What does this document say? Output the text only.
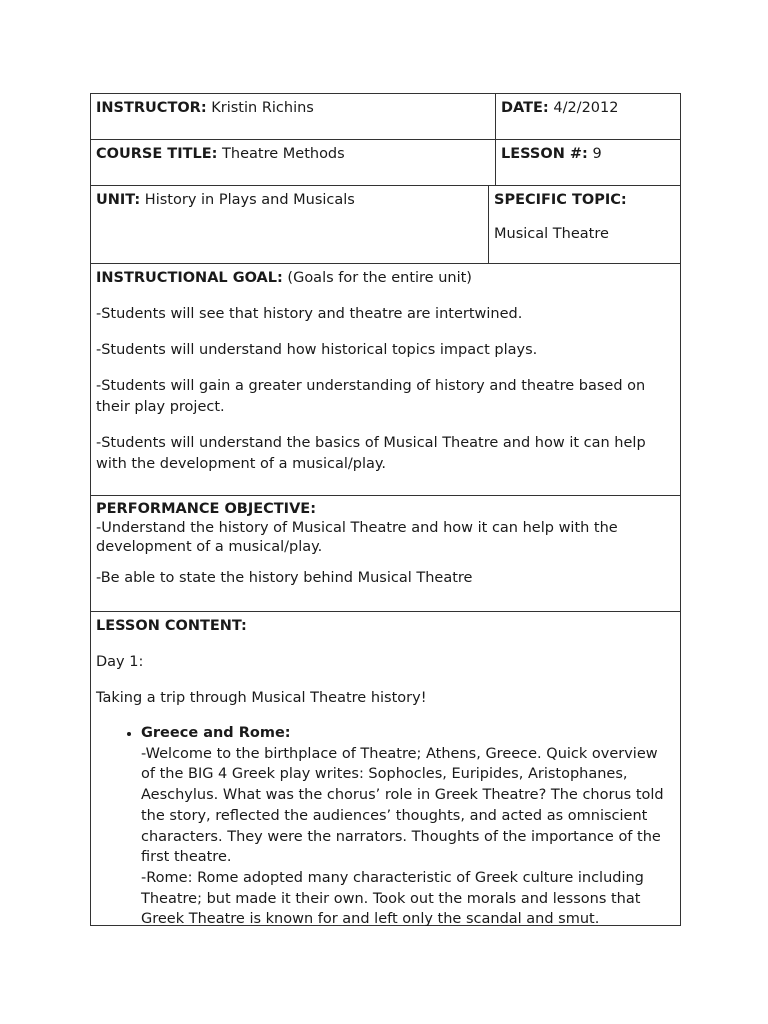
INSTRUCTOR: Kristin Richins	DATE: 4/2/2012

COURSE TITLE: Theatre Methods	LESSON #: 9

UNIT: History in Plays and Musicals	SPECIFIC TOPIC:

Musical Theatre

INSTRUCTIONAL GOAL: (Goals for the entire unit)

-Students will see that history and theatre are intertwined.

-Students will understand how historical topics impact plays.

-Students will gain a greater understanding of history and theatre based on their play project.

-Students will understand the basics of Musical Theatre and how it can help with the development of a musical/play.

PERFORMANCE OBJECTIVE:

-Understand the history of Musical Theatre and how it can help with the development of a musical/play.

-Be able to state the history behind Musical Theatre

LESSON CONTENT:

Day 1:

Taking a trip through Musical Theatre history!

• Greece and Rome:
-Welcome to the birthplace of Theatre; Athens, Greece. Quick overview of the BIG 4 Greek play writes: Sophocles, Euripides, Aristophanes, Aeschylus. What was the chorus’ role in Greek Theatre? The chorus told the story, reflected the audiences’ thoughts, and acted as omniscient characters. They were the narrators. Thoughts of the importance of the first theatre.
-Rome: Rome adopted many characteristic of Greek culture including Theatre; but made it their own. Took out the morals and lessons that Greek Theatre is known for and left only the scandal and smut.
